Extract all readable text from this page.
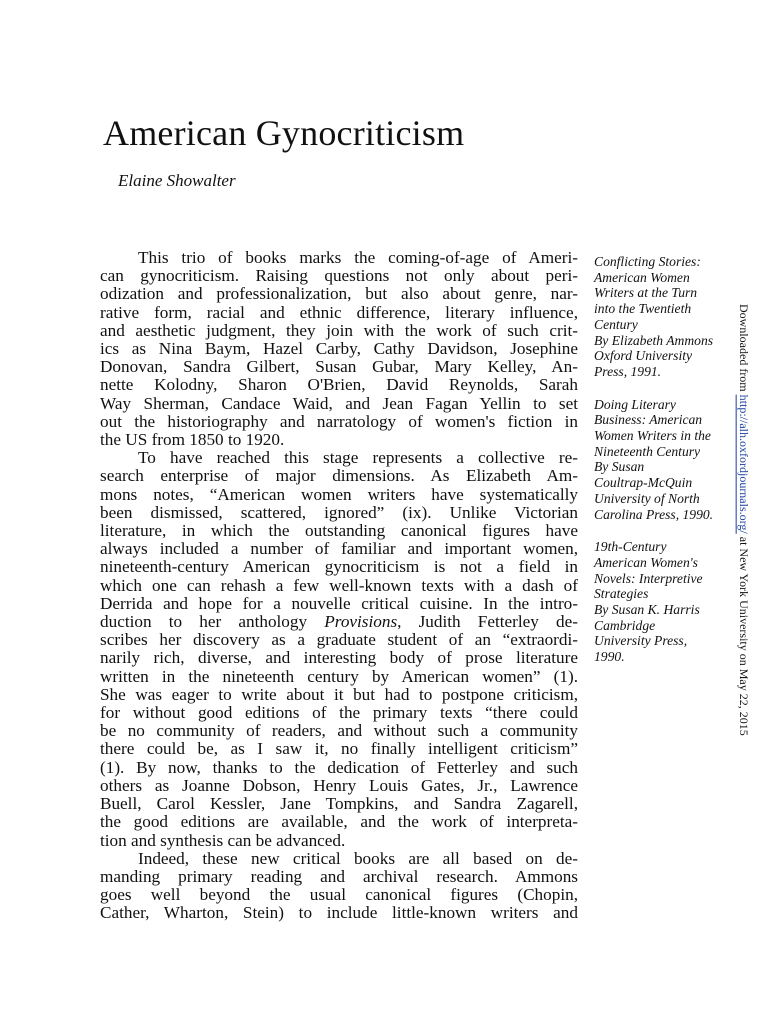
American Gynocriticism
Elaine Showalter
This trio of books marks the coming-of-age of Ameri-
can gynocriticism. Raising questions not only about peri-
odization and professionalization, but also about genre, nar-
rative form, racial and ethnic difference, literary influence,
and aesthetic judgment, they join with the work of such crit-
ics as Nina Baym, Hazel Carby, Cathy Davidson, Josephine
Donovan, Sandra Gilbert, Susan Gubar, Mary Kelley, An-
nette Kolodny, Sharon O'Brien, David Reynolds, Sarah
Way Sherman, Candace Waid, and Jean Fagan Yellin to set
out the historiography and narratology of women's fiction in
the US from 1850 to 1920.
To have reached this stage represents a collective re-
search enterprise of major dimensions. As Elizabeth Am-
mons notes, “American women writers have systematically
been dismissed, scattered, ignored” (ix). Unlike Victorian
literature, in which the outstanding canonical figures have
always included a number of familiar and important women,
nineteenth-century American gynocriticism is not a field in
which one can rehash a few well-known texts with a dash of
Derrida and hope for a nouvelle critical cuisine. In the intro-
duction to her anthology Provisions, Judith Fetterley de-
scribes her discovery as a graduate student of an “extraordi-
narily rich, diverse, and interesting body of prose literature
written in the nineteenth century by American women” (1).
She was eager to write about it but had to postpone criticism,
for without good editions of the primary texts “there could
be no community of readers, and without such a community
there could be, as I saw it, no finally intelligent criticism”
(1). By now, thanks to the dedication of Fetterley and such
others as Joanne Dobson, Henry Louis Gates, Jr., Lawrence
Buell, Carol Kessler, Jane Tompkins, and Sandra Zagarell,
the good editions are available, and the work of interpreta-
tion and synthesis can be advanced.
Indeed, these new critical books are all based on de-
manding primary reading and archival research. Ammons
goes well beyond the usual canonical figures (Chopin,
Cather, Wharton, Stein) to include little-known writers and
Conflicting Stories:
American Women
Writers at the Turn
into the Twentieth
Century
By Elizabeth Ammons
Oxford University
Press, 1991.
Doing Literary
Business: American
Women Writers in the
Nineteenth Century
By Susan
Coultrap-McQuin
University of North
Carolina Press, 1990.
19th-Century
American Women's
Novels: Interpretive
Strategies
By Susan K. Harris
Cambridge
University Press,
1990.
Downloaded from http://alh.oxfordjournals.org/ at New York University on May 22, 2015
